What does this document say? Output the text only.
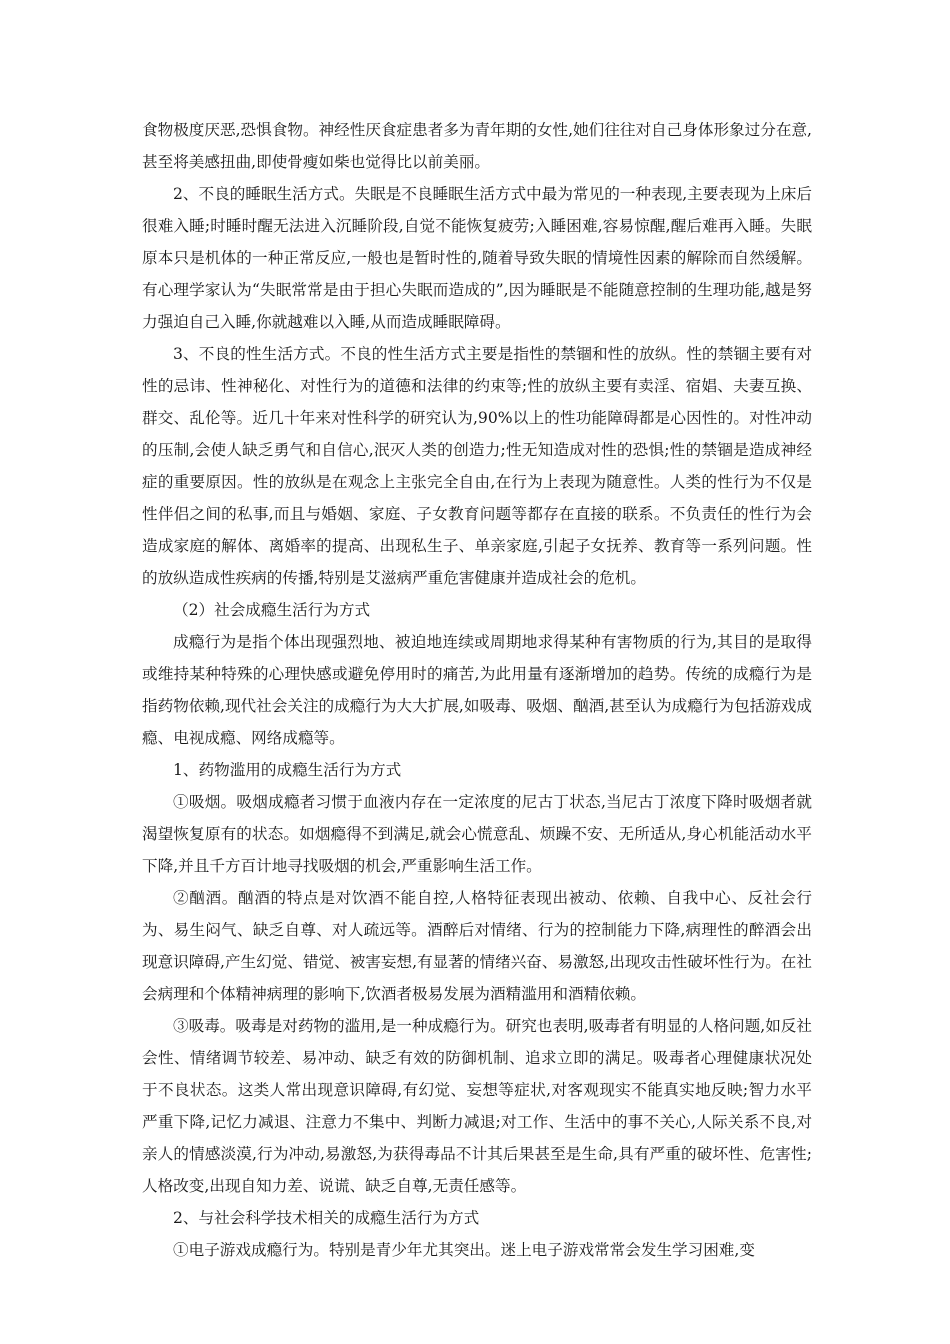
食物极度厌恶,恐惧食物。神经性厌食症患者多为青年期的女性,她们往往对自己身体形象过分在意,甚至将美感扭曲,即使骨瘦如柴也觉得比以前美丽。

2、不良的睡眠生活方式。失眠是不良睡眠生活方式中最为常见的一种表现,主要表现为上床后很难入睡;时睡时醒无法进入沉睡阶段,自觉不能恢复疲劳;入睡困难,容易惊醒,醒后难再入睡。失眠原本只是机体的一种正常反应,一般也是暂时性的,随着导致失眠的情境性因素的解除而自然缓解。有心理学家认为“失眠常常是由于担心失眠而造成的”,因为睡眠是不能随意控制的生理功能,越是努力强迫自己入睡,你就越难以入睡,从而造成睡眠障碍。

3、不良的性生活方式。不良的性生活方式主要是指性的禁锢和性的放纵。性的禁锢主要有对性的忌讳、性神秘化、对性行为的道德和法律的约束等;性的放纵主要有卖淫、宿娼、夫妻互换、群交、乱伦等。近几十年来对性科学的研究认为,90%以上的性功能障碍都是心因性的。对性冲动的压制,会使人缺乏勇气和自信心,泯灭人类的创造力;性无知造成对性的恐惧;性的禁锢是造成神经症的重要原因。性的放纵是在观念上主张完全自由,在行为上表现为随意性。人类的性行为不仅是性伴侣之间的私事,而且与婚姻、家庭、子女教育问题等都存在直接的联系。不负责任的性行为会造成家庭的解体、离婚率的提高、出现私生子、单亲家庭,引起子女抚养、教育等一系列问题。性的放纵造成性疾病的传播,特别是艾滋病严重危害健康并造成社会的危机。

（2）社会成瘾生活行为方式

成瘾行为是指个体出现强烈地、被迫地连续或周期地求得某种有害物质的行为,其目的是取得或维持某种特殊的心理快感或避免停用时的痛苦,为此用量有逐渐增加的趋势。传统的成瘾行为是指药物依赖,现代社会关注的成瘾行为大大扩展,如吸毒、吸烟、酗酒,甚至认为成瘾行为包括游戏成瘾、电视成瘾、网络成瘾等。

1、药物滥用的成瘾生活行为方式

①吸烟。吸烟成瘾者习惯于血液内存在一定浓度的尼古丁状态,当尼古丁浓度下降时吸烟者就渴望恢复原有的状态。如烟瘾得不到满足,就会心慌意乱、烦躁不安、无所适从,身心机能活动水平下降,并且千方百计地寻找吸烟的机会,严重影响生活工作。

②酗酒。酗酒的特点是对饮酒不能自控,人格特征表现出被动、依赖、自我中心、反社会行为、易生闷气、缺乏自尊、对人疏远等。酒醉后对情绪、行为的控制能力下降,病理性的醉酒会出现意识障碍,产生幻觉、错觉、被害妄想,有显著的情绪兴奋、易激怒,出现攻击性破坏性行为。在社会病理和个体精神病理的影响下,饮酒者极易发展为酒精滥用和酒精依赖。

③吸毒。吸毒是对药物的滥用,是一种成瘾行为。研究也表明,吸毒者有明显的人格问题,如反社会性、情绪调节较差、易冲动、缺乏有效的防御机制、追求立即的满足。吸毒者心理健康状况处于不良状态。这类人常出现意识障碍,有幻觉、妄想等症状,对客观现实不能真实地反映;智力水平严重下降,记忆力减退、注意力不集中、判断力减退;对工作、生活中的事不关心,人际关系不良,对亲人的情感淡漠,行为冲动,易激怒,为获得毒品不计其后果甚至是生命,具有严重的破坏性、危害性;人格改变,出现自知力差、说谎、缺乏自尊,无责任感等。

2、与社会科学技术相关的成瘾生活行为方式

①电子游戏成瘾行为。特别是青少年尤其突出。迷上电子游戏常常会发生学习困难,变
